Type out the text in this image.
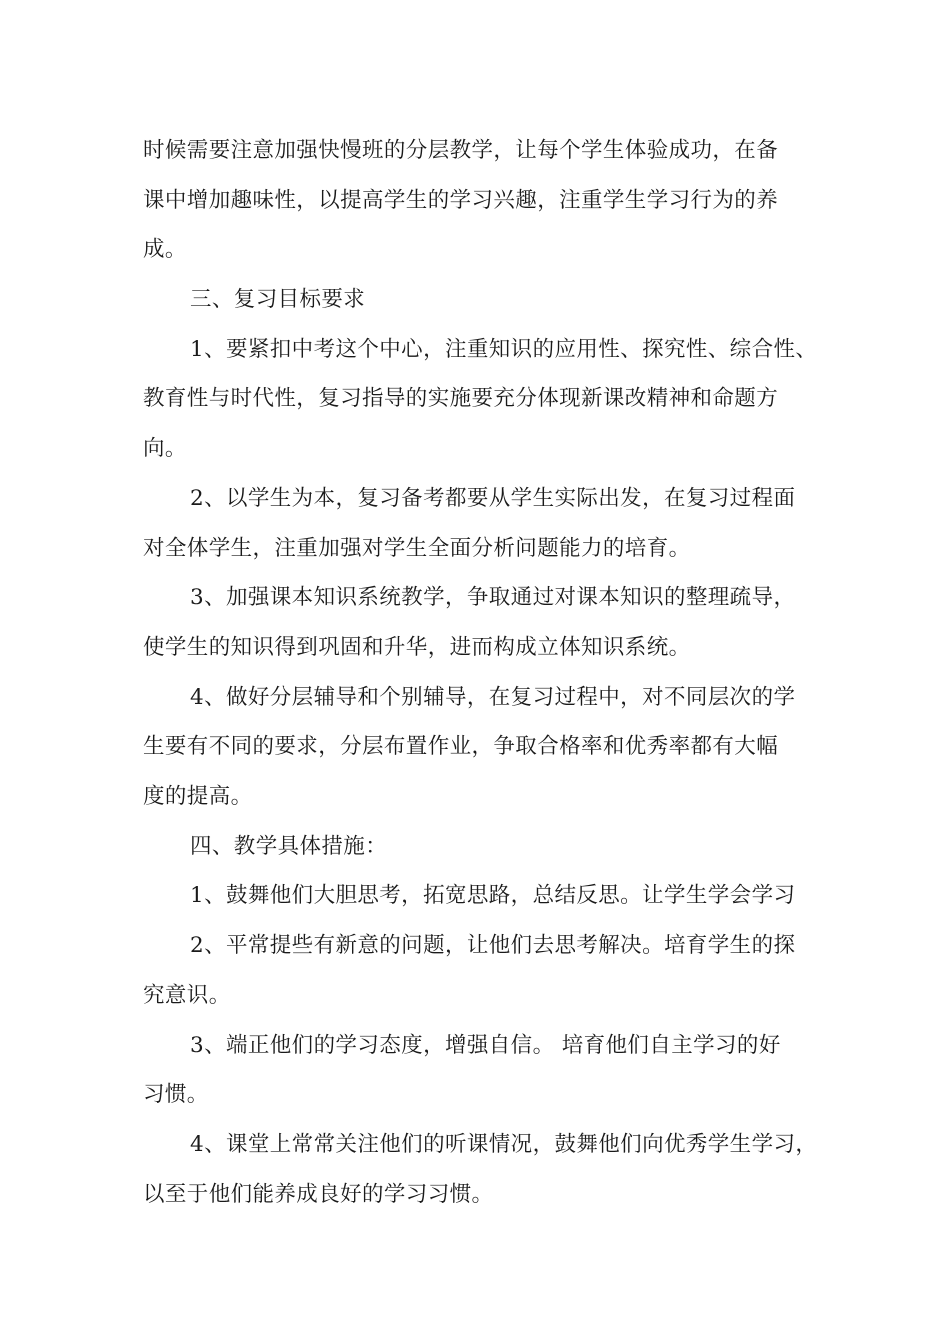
时候需要注意加强快慢班的分层教学，让每个学生体验成功，在备

课中增加趣味性，以提高学生的学习兴趣，注重学生学习行为的养

成。

三、复习目标要求

1、要紧扣中考这个中心，注重知识的应用性、探究性、综合性、

教育性与时代性，复习指导的实施要充分体现新课改精神和命题方

向。

2、以学生为本，复习备考都要从学生实际出发，在复习过程面

对全体学生，注重加强对学生全面分析问题能力的培育。

3、加强课本知识系统教学，争取通过对课本知识的整理疏导，

使学生的知识得到巩固和升华，进而构成立体知识系统。

4、做好分层辅导和个别辅导，在复习过程中，对不同层次的学

生要有不同的要求，分层布置作业，争取合格率和优秀率都有大幅

度的提高。

四、教学具体措施：

1、鼓舞他们大胆思考，拓宽思路，总结反思。让学生学会学习

2、平常提些有新意的问题，让他们去思考解决。培育学生的探

究意识。

3、端正他们的学习态度，增强自信。 培育他们自主学习的好

习惯。

4、课堂上常常关注他们的听课情况，鼓舞他们向优秀学生学习，

以至于他们能养成良好的学习习惯。
